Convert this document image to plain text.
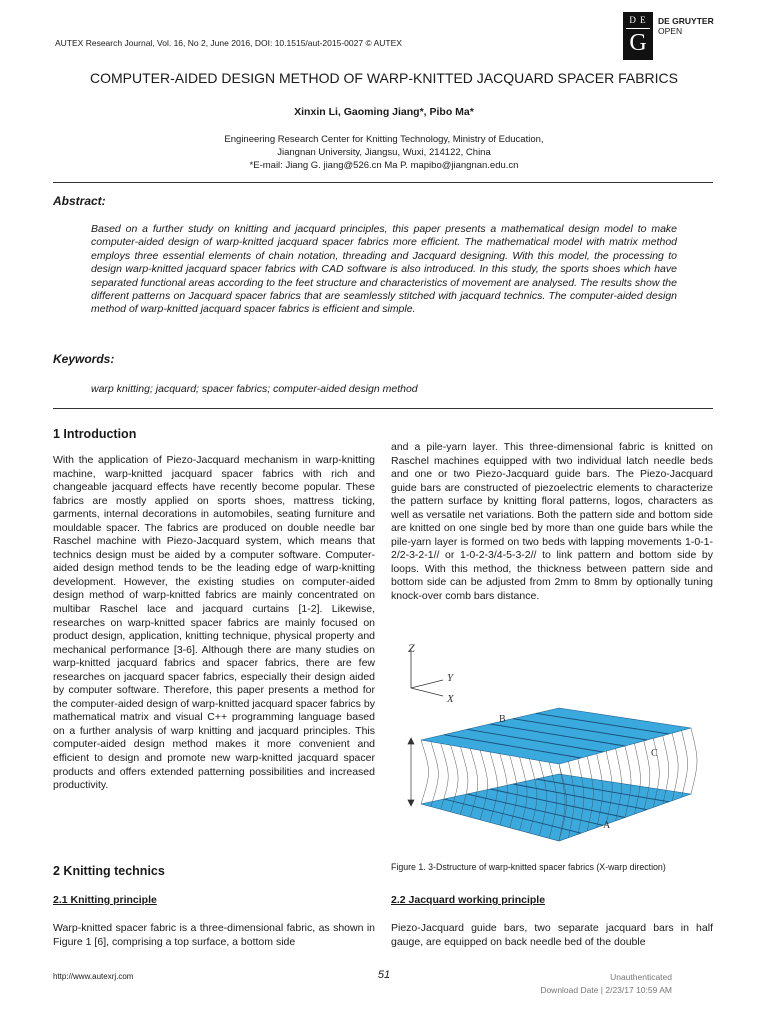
AUTEX Research Journal, Vol. 16, No 2, June 2016, DOI: 10.1515/aut-2015-0027 © AUTEX
D E
G
DE GRUYTER
OPEN
COMPUTER-AIDED DESIGN METHOD OF WARP-KNITTED JACQUARD SPACER FABRICS
Xinxin Li, Gaoming Jiang*, Pibo Ma*
Engineering Research Center for Knitting Technology, Ministry of Education,
Jiangnan University, Jiangsu, Wuxi, 214122, China
*E-mail: Jiang G. jiang@526.cn Ma P. mapibo@jiangnan.edu.cn
Abstract:
Based on a further study on knitting and jacquard principles, this paper presents a mathematical design model to make computer-aided design of warp-knitted jacquard spacer fabrics more efficient. The mathematical model with matrix method employs three essential elements of chain notation, threading and Jacquard designing. With this model, the processing to design warp-knitted jacquard spacer fabrics with CAD software is also introduced. In this study, the sports shoes which have separated functional areas according to the feet structure and characteristics of movement are analysed. The results show the different patterns on Jacquard spacer fabrics that are seamlessly stitched with jacquard technics. The computer-aided design method of warp-knitted jacquard spacer fabrics is efficient and simple.
Keywords:
warp knitting; jacquard; spacer fabrics; computer-aided design method
1 Introduction
With the application of Piezo-Jacquard mechanism in warp-knitting machine, warp-knitted jacquard spacer fabrics with rich and changeable jacquard effects have recently become popular. These fabrics are mostly applied on sports shoes, mattress ticking, garments, internal decorations in automobiles, seating furniture and mouldable spacer. The fabrics are produced on double needle bar Raschel machine with Piezo-Jacquard system, which means that technics design must be aided by a computer software. Computer-aided design method tends to be the leading edge of warp-knitting development. However, the existing studies on computer-aided design method of warp-knitted fabrics are mainly concentrated on multibar Raschel lace and jacquard curtains [1-2]. Likewise, researches on warp-knitted spacer fabrics are mainly focused on product design, application, knitting technique, physical property and mechanical performance [3-6]. Although there are many studies on warp-knitted jacquard fabrics and spacer fabrics, there are few researches on jacquard spacer fabrics, especially their design aided by computer software. Therefore, this paper presents a method for the computer-aided design of warp-knitted jacquard spacer fabrics by mathematical matrix and visual C++ programming language based on a further analysis of warp knitting and jacquard principles. This computer-aided design method makes it more convenient and efficient to design and promote new warp-knitted jacquard spacer products and offers extended patterning possibilities and increased productivity.
and a pile-yarn layer. This three-dimensional fabric is knitted on Raschel machines equipped with two individual latch needle beds and one or two Piezo-Jacquard guide bars. The Piezo-Jacquard guide bars are constructed of piezoelectric elements to characterize the pattern surface by knitting floral patterns, logos, characters as well as versatile net variations. Both the pattern side and bottom side are knitted on one single bed by more than one guide bars while the pile-yarn layer is formed on two beds with lapping movements 1-0-1-2/2-3-2-1// or 1-0-2-3/4-5-3-2// to link pattern and bottom side by loops. With this method, the thickness between pattern side and bottom side can be adjusted from 2mm to 8mm by optionally tuning knock-over comb bars distance.
Z
Y
X
B
C
A
Figure 1. 3-Dstructure of warp-knitted spacer fabrics (X-warp direction)
2 Knitting technics
2.1 Knitting principle	2.2 Jacquard working principle
Warp-knitted spacer fabric is a three-dimensional fabric, as shown in Figure 1 [6], comprising a top surface, a bottom side
Piezo-Jacquard guide bars, two separate jacquard bars in half gauge, are equipped on back needle bed of the double
http://www.autexrj.com	51	Unauthenticated
Download Date | 2/23/17 10:59 AM
